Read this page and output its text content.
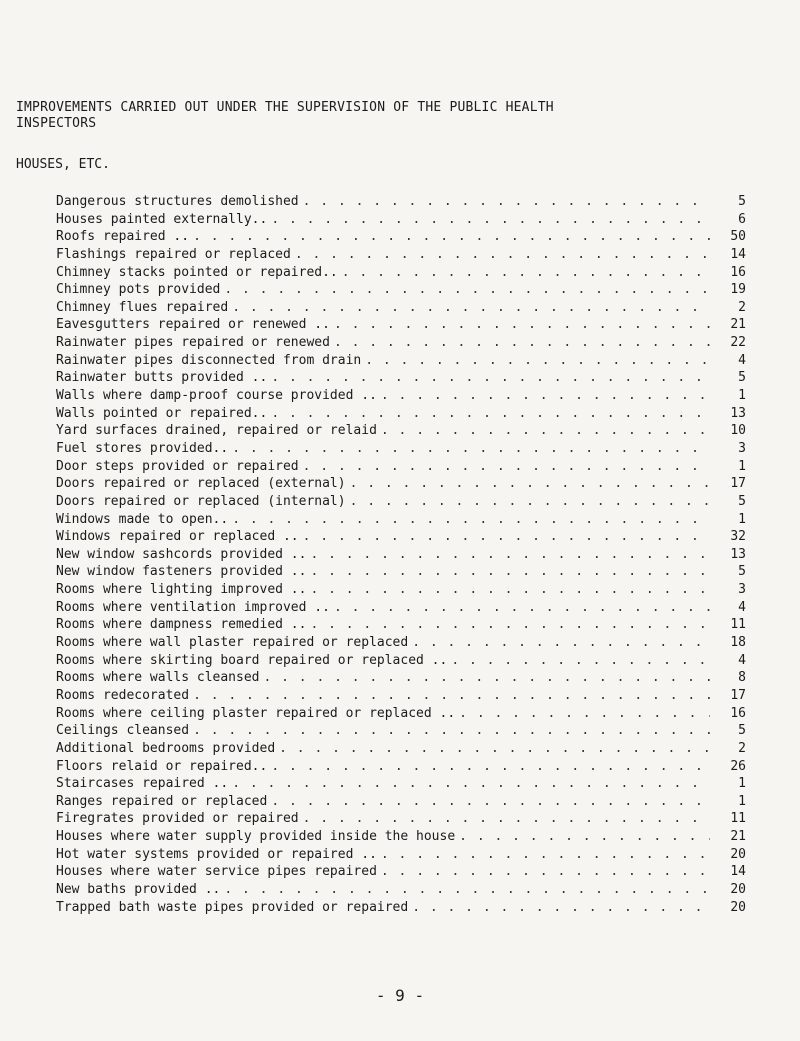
IMPROVEMENTS CARRIED OUT UNDER THE SUPERVISION OF THE PUBLIC HEALTH
INSPECTORS
HOUSES, ETC.
Dangerous structures demolished . .	5
Houses painted externally.. . .	6
Roofs repaired .. . .	50
Flashings repaired or replaced . .	14
Chimney stacks pointed or repaired.. . .	16
Chimney pots provided . .	19
Chimney flues repaired . .	2
Eavesgutters repaired or renewed .. . .	21
Rainwater pipes repaired or renewed . .	22
Rainwater pipes disconnected from drain . .	4
Rainwater butts provided .. . .	5
Walls where damp-proof course provided .. . .	1
Walls pointed or repaired.. . .	13
Yard surfaces drained, repaired or relaid . .	10
Fuel stores provided.. . .	3
Door steps provided or repaired . .	1
Doors repaired or replaced (external) . .	17
Doors repaired or replaced (internal) . .	5
Windows made to open.. . .	1
Windows repaired or replaced .. . .	32
New window sashcords provided .. . .	13
New window fasteners provided .. . .	5
Rooms where lighting improved .. . .	3
Rooms where ventilation improved .. . .	4
Rooms where dampness remedied .. . .	11
Rooms where wall plaster repaired or replaced . .	18
Rooms where skirting board repaired or replaced .. . .	4
Rooms where walls cleansed . .	8
Rooms redecorated . .	17
Rooms where ceiling plaster repaired or replaced .. . .	16
Ceilings cleansed . .	5
Additional bedrooms provided . .	2
Floors relaid or repaired.. . .	26
Staircases repaired .. . .	1
Ranges repaired or replaced . .	1
Firegrates provided or repaired . .	11
Houses where water supply provided inside the house . .	21
Hot water systems provided or repaired .. . .	20
Houses where water service pipes repaired . .	14
New baths provided .. . .	20
Trapped bath waste pipes provided or repaired . .	20
- 9 -
